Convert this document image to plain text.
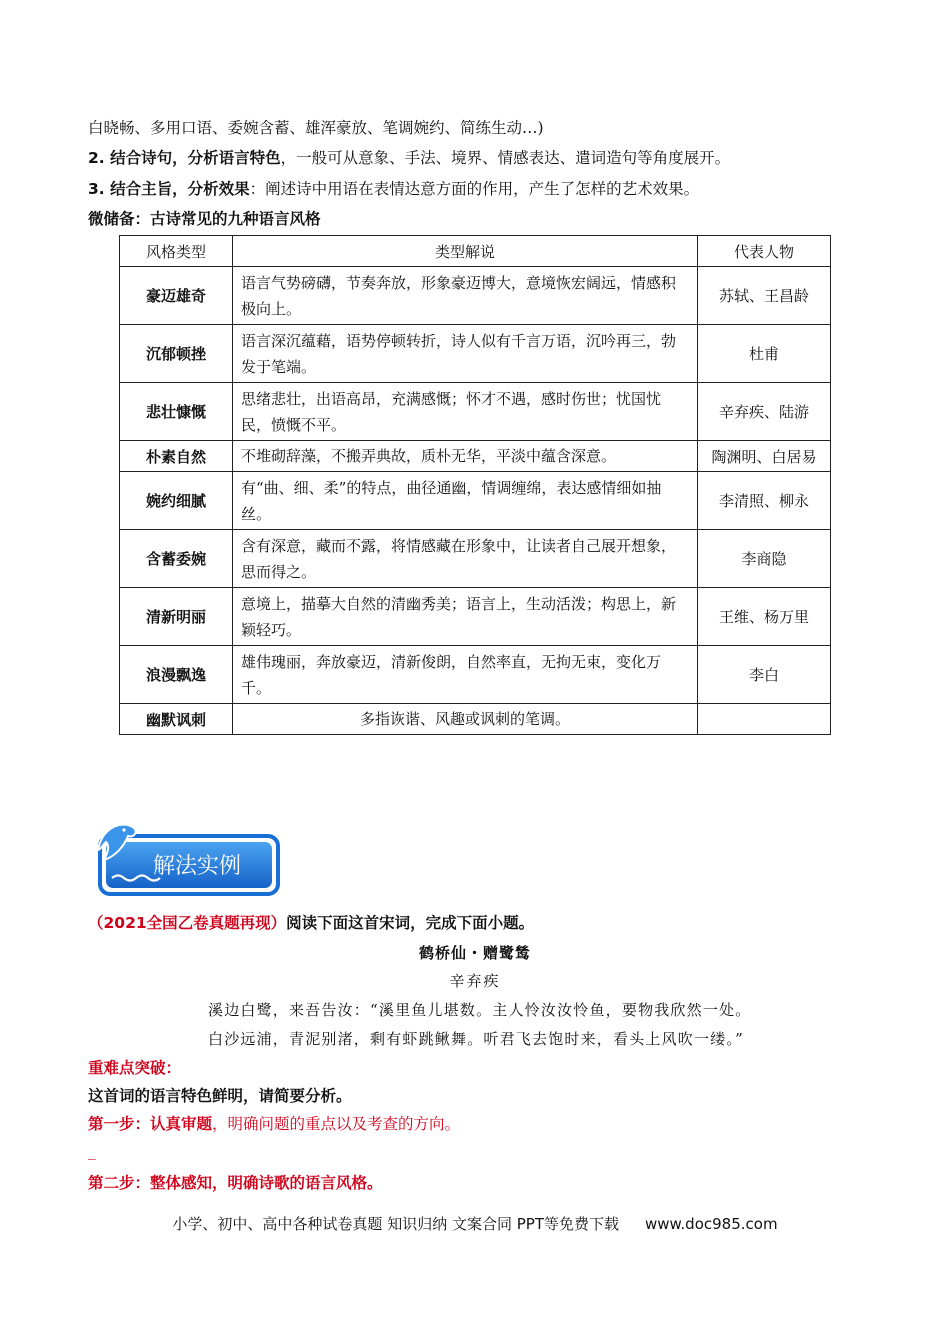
白晓畅、多用口语、委婉含蓄、雄浑豪放、笔调婉约、简练生动…)
2. 结合诗句，分析语言特色，一般可从意象、手法、境界、情感表达、遣词造句等角度展开。
3. 结合主旨，分析效果：阐述诗中用语在表情达意方面的作用，产生了怎样的艺术效果。
微储备：古诗常见的九种语言风格
风格类型	类型解说	代表人物
豪迈雄奇	语言气势磅礴，节奏奔放，形象豪迈博大，意境恢宏阔远，情感积极向上。	苏轼、王昌龄
沉郁顿挫	语言深沉蕴藉，语势停顿转折，诗人似有千言万语，沉吟再三，勃发于笔端。	杜甫
悲壮慷慨	思绪悲壮，出语高昂，充满感慨；怀才不遇，感时伤世；忧国忧民，愤慨不平。	辛弃疾、陆游
朴素自然	不堆砌辞藻，不搬弄典故，质朴无华，平淡中蕴含深意。	陶渊明、白居易
婉约细腻	有“曲、细、柔”的特点，曲径通幽，情调缠绵，表达感情细如抽丝。	李清照、柳永
含蓄委婉	含有深意，藏而不露，将情感藏在形象中，让读者自己展开想象，思而得之。	李商隐
清新明丽	意境上，描摹大自然的清幽秀美；语言上，生动活泼；构思上，新颖轻巧。	王维、杨万里
浪漫飘逸	雄伟瑰丽，奔放豪迈，清新俊朗，自然率直，无拘无束，变化万千。	李白
幽默讽刺	多指诙谐、风趣或讽刺的笔调。	
解法实例
（2021全国乙卷真题再现）阅读下面这首宋词，完成下面小题。
鹤桥仙・赠鹭鸶
辛弃疾
溪边白鹭，来吾告汝：“溪里鱼儿堪数。主人怜汝汝怜鱼，要物我欣然一处。
白沙远浦，青泥别渚，剩有虾跳鳅舞。听君飞去饱时来，看头上风吹一缕。”
重难点突破：
这首词的语言特色鲜明，请简要分析。
第一步：认真审题，明确问题的重点以及考查的方向。
_
第二步：整体感知，明确诗歌的语言风格。
小学、初中、高中各种试卷真题 知识归纳 文案合同 PPT等免费下载 www.doc985.com
